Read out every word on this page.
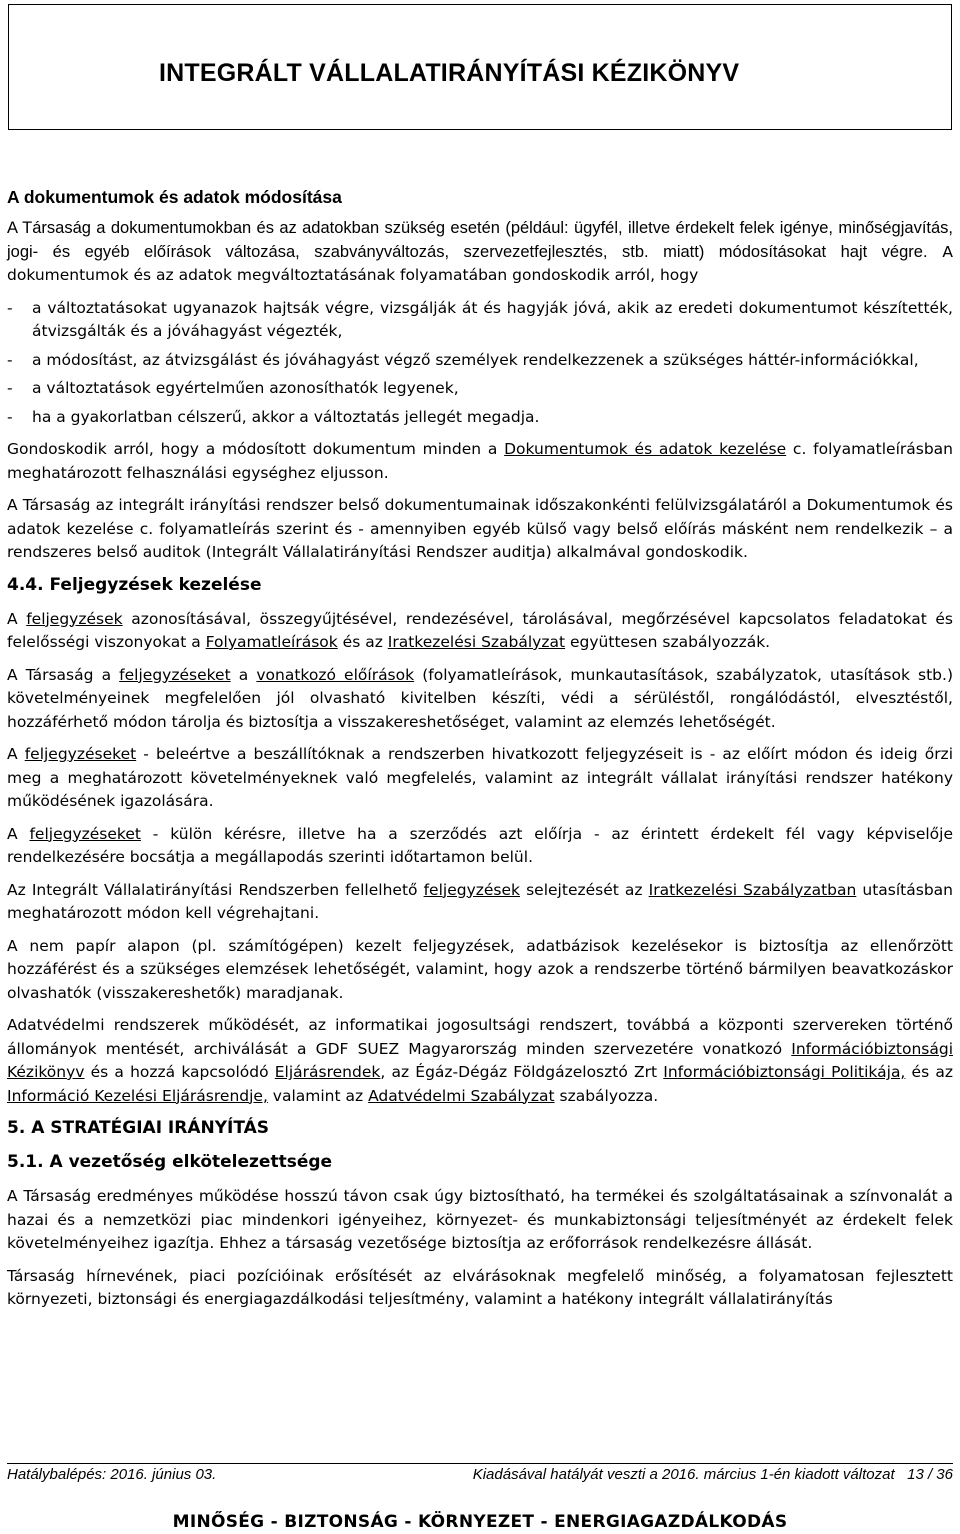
INTEGRÁLT VÁLLALATIRÁNYÍTÁSI KÉZIKÖNYV

A dokumentumok és adatok módosítása

A Társaság a dokumentumokban és az adatokban szükség esetén (például: ügyfél, illetve érdekelt felek igénye, minőségjavítás, jogi- és egyéb előírások változása, szabványváltozás, szervezetfejlesztés, stb. miatt) módosításokat hajt végre. A dokumentumok és az adatok megváltoztatásának folyamatában gondoskodik arról, hogy

-	a változtatásokat ugyanazok hajtsák végre, vizsgálják át és hagyják jóvá, akik az eredeti dokumentumot készítették, átvizsgálták és a jóváhagyást végezték,
-	a módosítást, az átvizsgálást és jóváhagyást végző személyek rendelkezzenek a szükséges háttér-információkkal,
-	a változtatások egyértelműen azonosíthatók legyenek,
-	ha a gyakorlatban célszerű, akkor a változtatás jellegét megadja.

Gondoskodik arról, hogy a módosított dokumentum minden a Dokumentumok és adatok kezelése c. folyamatleírásban meghatározott felhasználási egységhez eljusson.

A Társaság az integrált irányítási rendszer belső dokumentumainak időszakonkénti felülvizsgálatáról a Dokumentumok és adatok kezelése c. folyamatleírás szerint és - amennyiben egyéb külső vagy belső előírás másként nem rendelkezik – a rendszeres belső auditok (Integrált Vállalatirányítási Rendszer auditja) alkalmával gondoskodik.

4.4. Feljegyzések kezelése

A feljegyzések azonosításával, összegyűjtésével, rendezésével, tárolásával, megőrzésével kapcsolatos feladatokat és felelősségi viszonyokat a Folyamatleírások és az Iratkezelési Szabályzat együttesen szabályozzák.

A Társaság a feljegyzéseket a vonatkozó előírások (folyamatleírások, munkautasítások, szabályzatok, utasítások stb.) követelményeinek megfelelően jól olvasható kivitelben készíti, védi a sérüléstől, rongálódástól, elvesztéstől, hozzáférhető módon tárolja és biztosítja a visszakereshetőséget, valamint az elemzés lehetőségét.

A feljegyzéseket - beleértve a beszállítóknak a rendszerben hivatkozott feljegyzéseit is - az előírt módon és ideig őrzi meg a meghatározott követelményeknek való megfelelés, valamint az integrált vállalat irányítási rendszer hatékony működésének igazolására.

A feljegyzéseket - külön kérésre, illetve ha a szerződés azt előírja - az érintett érdekelt fél vagy képviselője rendelkezésére bocsátja a megállapodás szerinti időtartamon belül.

Az Integrált Vállalatirányítási Rendszerben fellelhető feljegyzések selejtezését az Iratkezelési Szabályzatban utasításban meghatározott módon kell végrehajtani.

A nem papír alapon (pl. számítógépen) kezelt feljegyzések, adatbázisok kezelésekor is biztosítja az ellenőrzött hozzáférést és a szükséges elemzések lehetőségét, valamint, hogy azok a rendszerbe történő bármilyen beavatkozáskor olvashatók (visszakereshetők) maradjanak.

Adatvédelmi rendszerek működését, az informatikai jogosultsági rendszert, továbbá a központi szervereken történő állományok mentését, archiválását a GDF SUEZ Magyarország minden szervezetére vonatkozó Információbiztonsági Kézikönyv és a hozzá kapcsolódó Eljárásrendek, az Égáz-Dégáz Földgázelosztó Zrt Információbiztonsági Politikája, és az Információ Kezelési Eljárásrendje, valamint az Adatvédelmi Szabályzat szabályozza.

5. A STRATÉGIAI IRÁNYÍTÁS

5.1. A vezetőség elkötelezettsége

A Társaság eredményes működése hosszú távon csak úgy biztosítható, ha termékei és szolgáltatásainak a színvonalát a hazai és a nemzetközi piac mindenkori igényeihez, környezet- és munkabiztonsági teljesítményét az érdekelt felek követelményeihez igazítja. Ehhez a társaság vezetősége biztosítja az erőforrások rendelkezésre állását.

Társaság hírnevének, piaci pozícióinak erősítését az elvárásoknak megfelelő minőség, a folyamatosan fejlesztett környezeti, biztonsági és energiagazdálkodási teljesítmény, valamint a hatékony integrált vállalatirányítás

Hatálybalépés: 2016. június 03.	Kiadásával hatályát veszti a 2016. március 1-én kiadott változat   13 / 36
MINŐSÉG - BIZTONSÁG - KÖRNYEZET - ENERGIAGAZDÁLKODÁS
